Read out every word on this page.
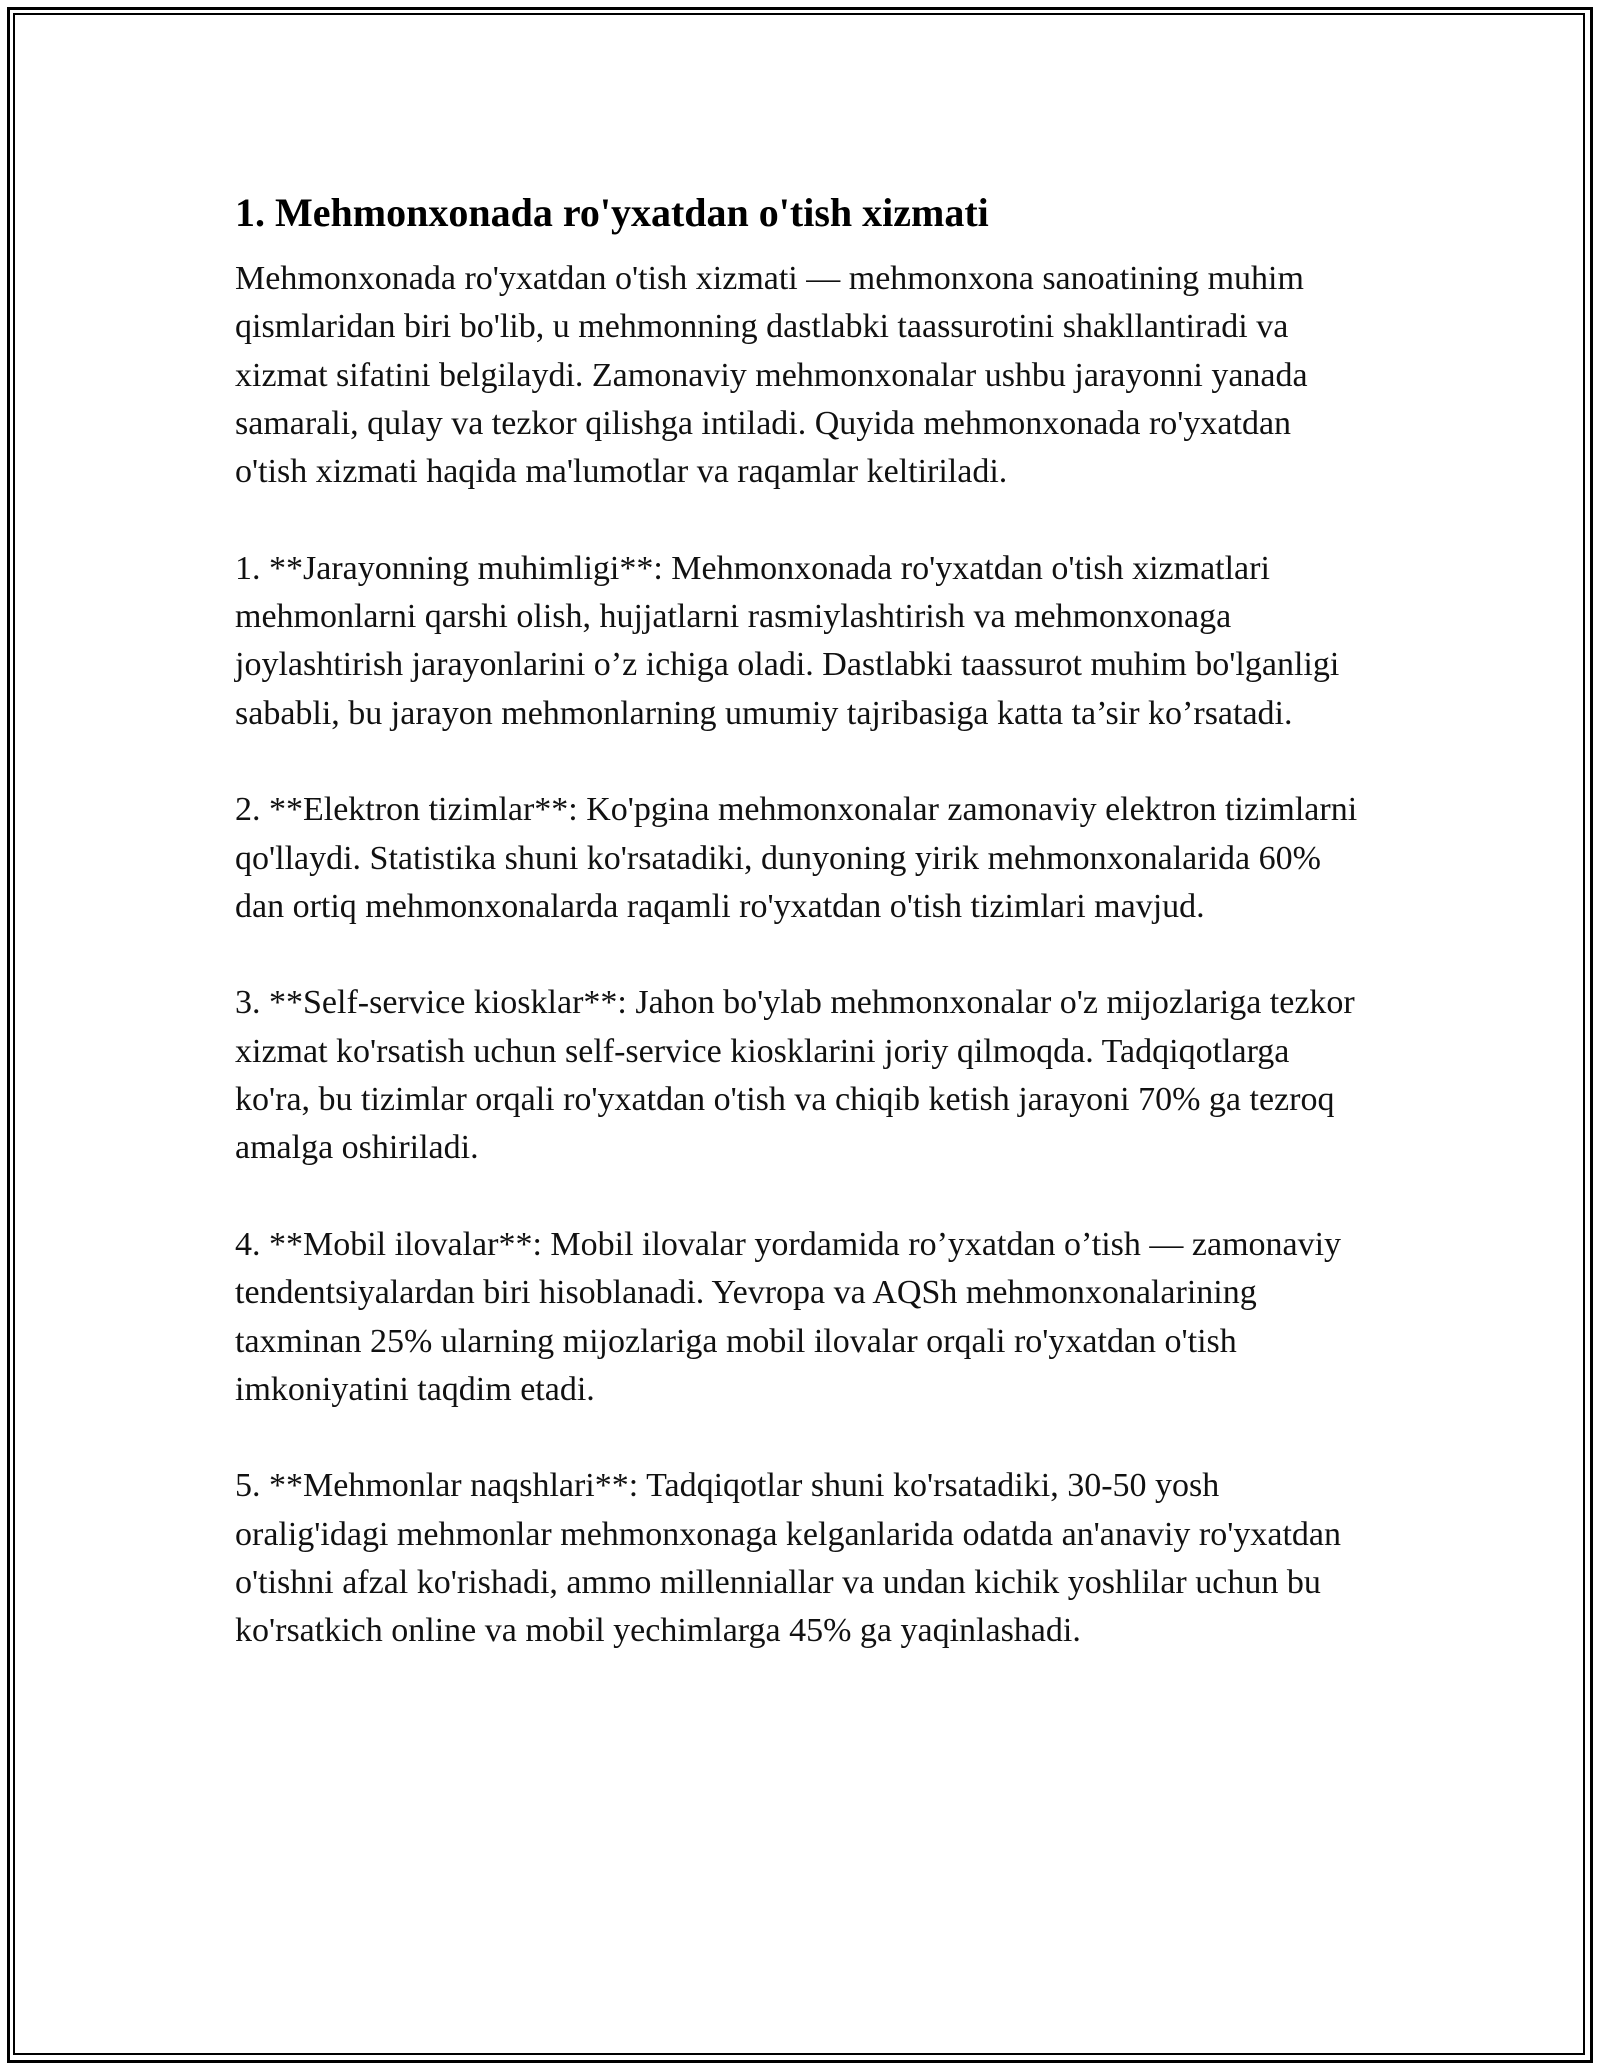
1. Mehmonxonada ro'yxatdan o'tish xizmati

Mehmonxonada ro'yxatdan o'tish xizmati — mehmonxona sanoatining muhim qismlaridan biri bo'lib, u mehmonning dastlabki taassurotini shakllantiradi va xizmat sifatini belgilaydi. Zamonaviy mehmonxonalar ushbu jarayonni yanada samarali, qulay va tezkor qilishga intiladi. Quyida mehmonxonada ro'yxatdan o'tish xizmati haqida ma'lumotlar va raqamlar keltiriladi.

1. **Jarayonning muhimligi**: Mehmonxonada ro'yxatdan o'tish xizmatlari mehmonlarni qarshi olish, hujjatlarni rasmiylashtirish va mehmonxonaga joylashtirish jarayonlarini o’z ichiga oladi. Dastlabki taassurot muhim bo'lganligi sababli, bu jarayon mehmonlarning umumiy tajribasiga katta ta’sir ko’rsatadi.

2. **Elektron tizimlar**: Ko'pgina mehmonxonalar zamonaviy elektron tizimlarni qo'llaydi. Statistika shuni ko'rsatadiki, dunyoning yirik mehmonxonalarida 60% dan ortiq mehmonxonalarda raqamli ro'yxatdan o'tish tizimlari mavjud.

3. **Self-service kiosklar**: Jahon bo'ylab mehmonxonalar o'z mijozlariga tezkor xizmat ko'rsatish uchun self-service kiosklarini joriy qilmoqda. Tadqiqotlarga ko'ra, bu tizimlar orqali ro'yxatdan o'tish va chiqib ketish jarayoni 70% ga tezroq amalga oshiriladi.

4. **Mobil ilovalar**: Mobil ilovalar yordamida ro’yxatdan o’tish — zamonaviy tendentsiyalardan biri hisoblanadi. Yevropa va AQSh mehmonxonalarining taxminan 25% ularning mijozlariga mobil ilovalar orqali ro'yxatdan o'tish imkoniyatini taqdim etadi.

5. **Mehmonlar naqshlari**: Tadqiqotlar shuni ko'rsatadiki, 30-50 yosh oralig'idagi mehmonlar mehmonxonaga kelganlarida odatda an'anaviy ro'yxatdan o'tishni afzal ko'rishadi, ammo millenniallar va undan kichik yoshlilar uchun bu ko'rsatkich online va mobil yechimlarga 45% ga yaqinlashadi.
